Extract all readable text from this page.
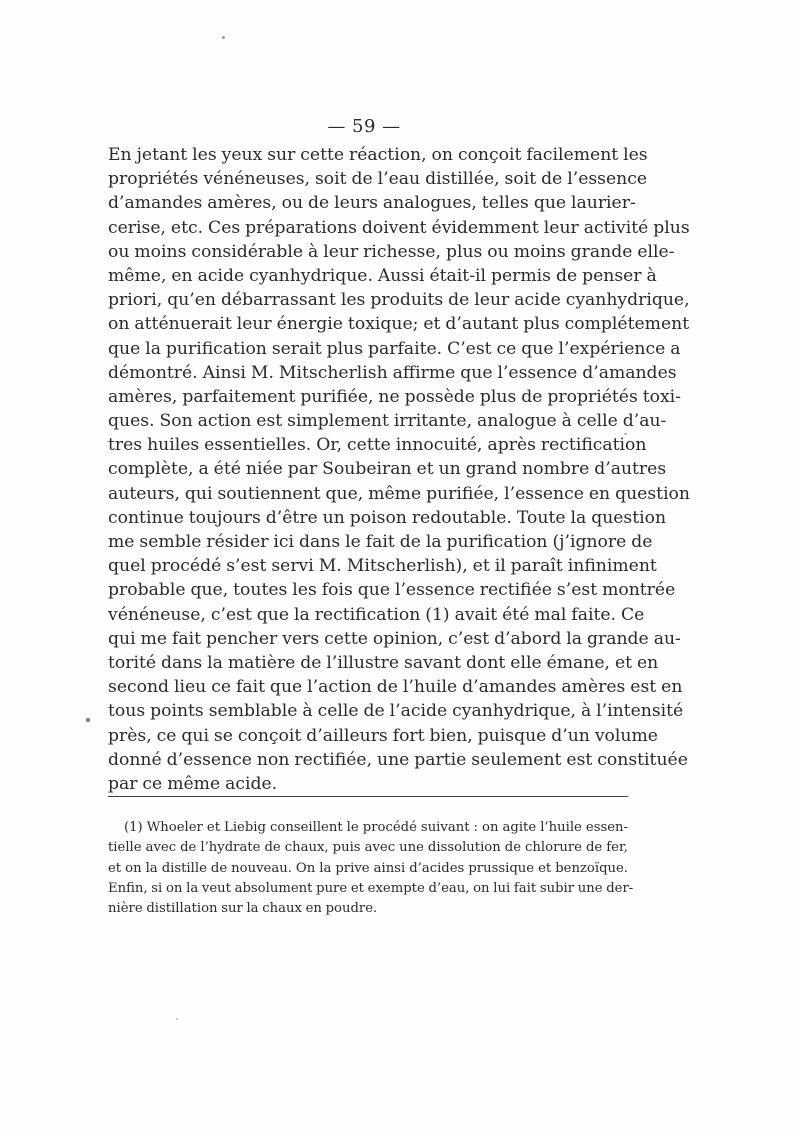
— 59 —

En jetant les yeux sur cette réaction, on conçoit facilement les
propriétés vénéneuses, soit de l’eau distillée, soit de l’essence
d’amandes amères, ou de leurs analogues, telles que laurier-
cerise, etc. Ces préparations doivent évidemment leur activité plus
ou moins considérable à leur richesse, plus ou moins grande elle-
même, en acide cyanhydrique. Aussi était-il permis de penser à
priori, qu’en débarrassant les produits de leur acide cyanhydrique,
on atténuerait leur énergie toxique; et d’autant plus complétement
que la purification serait plus parfaite. C’est ce que l’expérience a
démontré. Ainsi M. Mitscherlish affirme que l’essence d’amandes
amères, parfaitement purifiée, ne possède plus de propriétés toxi-
ques. Son action est simplement irritante, analogue à celle d’au-
tres huiles essentielles. Or, cette innocuité, après rectification
complète, a été niée par Soubeiran et un grand nombre d’autres
auteurs, qui soutiennent que, même purifiée, l’essence en question
continue toujours d’être un poison redoutable. Toute la question
me semble résider ici dans le fait de la purification (j’ignore de
quel procédé s’est servi M. Mitscherlish), et il paraît infiniment
probable que, toutes les fois que l’essence rectifiée s’est montrée
vénéneuse, c’est que la rectification (1) avait été mal faite. Ce
qui me fait pencher vers cette opinion, c’est d’abord la grande au-
torité dans la matière de l’illustre savant dont elle émane, et en
second lieu ce fait que l’action de l’huile d’amandes amères est en
tous points semblable à celle de l’acide cyanhydrique, à l’intensité
près, ce qui se conçoit d’ailleurs fort bien, puisque d’un volume
donné d’essence non rectifiée, une partie seulement est constituée
par ce même acide.
(1) Whoeler et Liebig conseillent le procédé suivant : on agite l’huile essen-
tielle avec de l’hydrate de chaux, puis avec une dissolution de chlorure de fer,
et on la distille de nouveau. On la prive ainsi d’acides prussique et benzoïque.
Enfin, si on la veut absolument pure et exempte d’eau, on lui fait subir une der-
nière distillation sur la chaux en poudre.
